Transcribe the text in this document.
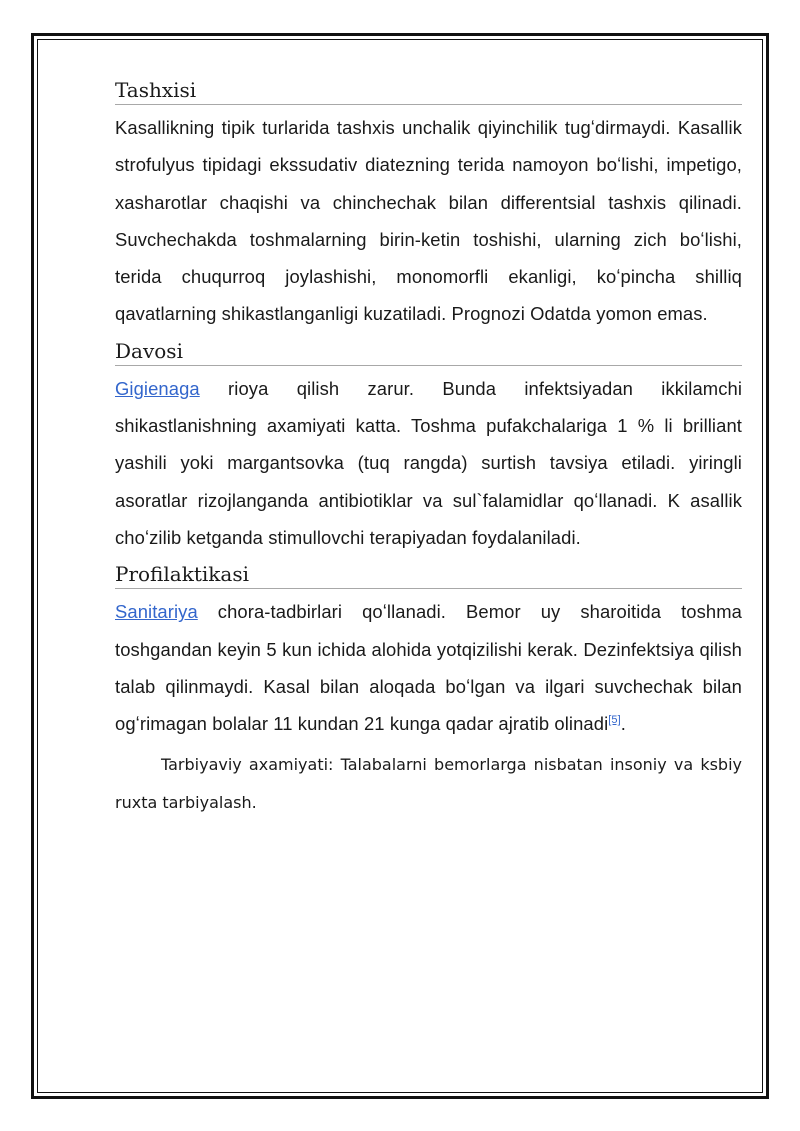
Tashxisi

Kasallikning tipik turlarida tashxis unchalik qiyinchilik tugʻdirmaydi. Kasallik strofulyus tipidagi ekssudativ diatezning terida namoyon boʻlishi, impetigo, xasharotlar chaqishi va chinchechak bilan differentsial tashxis qilinadi. Suvchechakda toshmalarning birin-ketin toshishi, ularning zich boʻlishi, terida chuqurroq joylashishi, monomorfli ekanligi, koʻpincha shilliq qavatlarning shikastlanganligi kuzatiladi. Prognozi Odatda yomon emas.

Davosi

Gigienaga rioya qilish zarur. Bunda infektsiyadan ikkilamchi shikastlanishning axamiyati katta. Toshma pufakchalariga 1 % li brilliant yashili yoki margantsovka (tuq rangda) surtish tavsiya etiladi. yiringli asoratlar rizojlanganda antibiotiklar va sul`falamidlar qoʻllanadi. K asallik choʻzilib ketganda stimullovchi terapiyadan foydalaniladi.

Profilaktikasi

Sanitariya chora-tadbirlari qoʻllanadi. Bemor uy sharoitida toshma toshgandan keyin 5 kun ichida alohida yotqizilishi kerak. Dezinfektsiya qilish talab qilinmaydi. Kasal bilan aloqada boʻlgan va ilgari suvchechak bilan ogʻrimagan bolalar 11 kundan 21 kunga qadar ajratib olinadi[5].

Tarbiyaviy axamiyati: Talabalarni bemorlarga nisbatan insoniy va ksbiy ruxta tarbiyalash.
